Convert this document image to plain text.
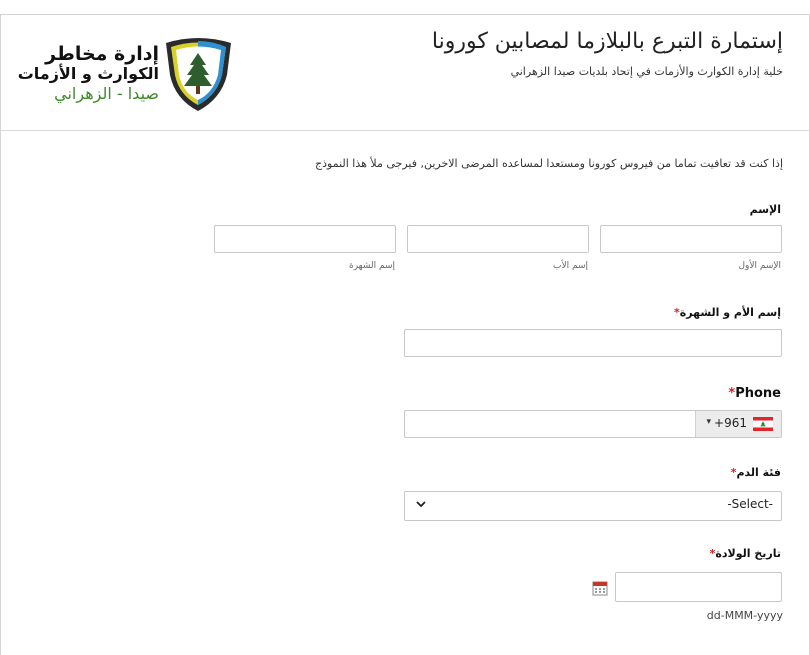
إدارة مخاطر
الكوارث و الأزمات
صيدا - الزهراني
إستمارة التبرع بالبلازما لمصابين كورونا
خلية إدارة الكوارث والأزمات في إتحاد بلديات صيدا الزهراني
إذا كنت قد تعافيت تماما من فيروس كورونا ومستعدا لمساعده المرضى الاخرين, فيرجى ملأ هذا النموذج
الإسم
الإسم الأول
إسم الأب
إسم الشهرة
إسم الأم و الشهرة*
*Phone
+961
▾
فئة الدم*
-Select-
تاريخ الولادة*
dd-MMM-yyyy
